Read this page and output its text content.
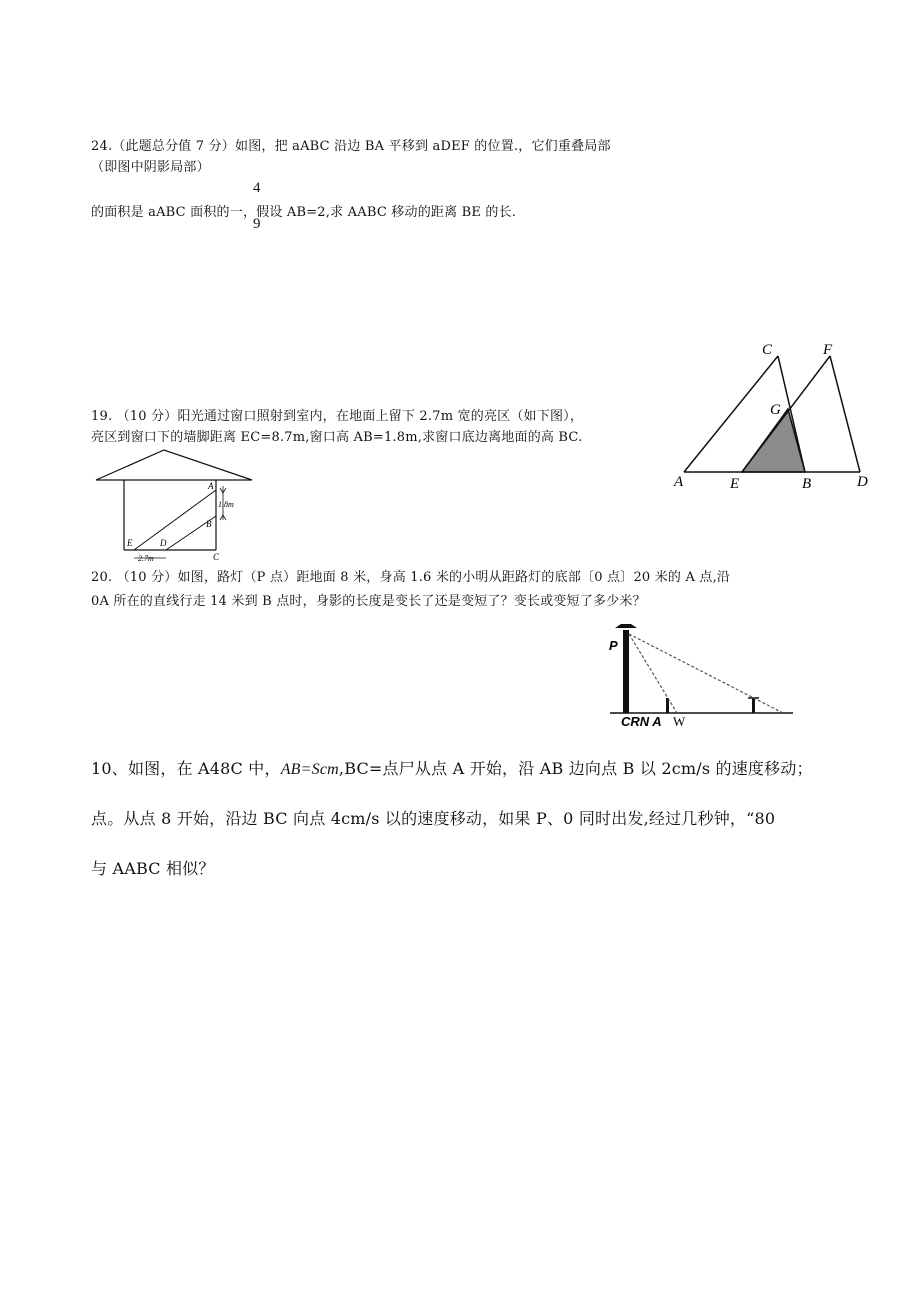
24.（此题总分值 7 分）如图，把 aABC 沿边 BA 平移到 aDEF 的位置.，它们重叠局部
（即图中阴影局部）
4
的面积是 aABC 面积的一，假设 AB=2,求 AABC 移动的距离 BE 的长.
9
C	F
G
A	E	B	D
19. （10 分）阳光通过窗口照射到室内，在地面上留下 2.7m 宽的亮区（如下图），
亮区到窗口下的墙脚距离 EC=8.7m,窗口高 AB=1.8m,求窗口底边离地面的高 BC.
A
B
C
D
E
1.8m
2.7m
20. （10 分）如图，路灯（P 点）距地面 8 米，身高 1.6 米的小明从距路灯的底部〔0 点〕20 米的 A 点,沿
0A 所在的直线行走 14 米到 B 点时，身影的长度是变长了还是变短了？变长或变短了多少米？
P
CRN A W
10、如图，在 A48C 中，AB=Scm,BC=点尸从点 A 开始，沿 AB 边向点 B 以 2cm∕s 的速度移动；
点。从点 8 开始，沿边 BC 向点 4cm∕s 以的速度移动，如果 P、0 同时出发,经过几秒钟，“80
与 AABC 相似？
